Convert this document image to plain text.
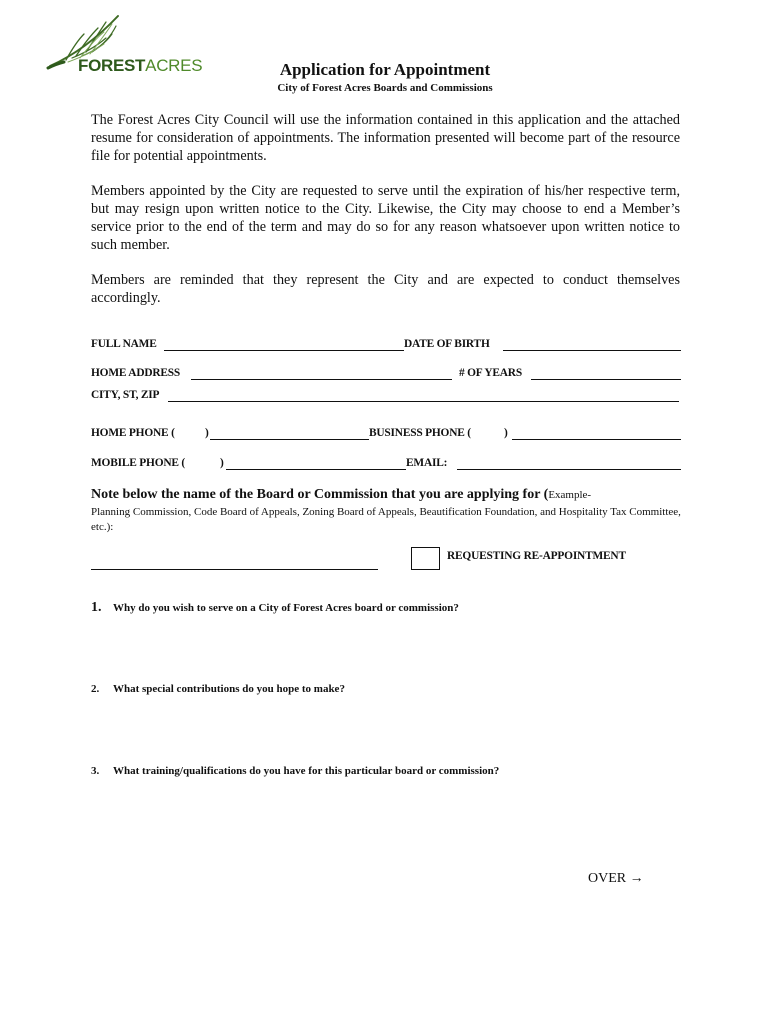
FORESTACRES	Application for Appointment
City of Forest Acres Boards and Commissions
The Forest Acres City Council will use the information contained in this application and the attached resume for consideration of appointments. The information presented will become part of the resource file for potential appointments.
Members appointed by the City are requested to serve until the expiration of his/her respective term, but may resign upon written notice to the City. Likewise, the City may choose to end a Member’s service prior to the end of the term and may do so for any reason whatsoever upon written notice to such member.
Members are reminded that they represent the City and are expected to conduct themselves accordingly.
FULL NAME	DATE OF BIRTH
HOME ADDRESS	# OF YEARS
CITY, ST, ZIP
HOME PHONE (	)	BUSINESS PHONE (	)
MOBILE PHONE (	)	EMAIL:
Note below the name of the Board or Commission that you are applying for (Example-
Planning Commission, Code Board of Appeals, Zoning Board of Appeals, Beautification Foundation, and Hospitality Tax Committee, etc.):
REQUESTING RE-APPOINTMENT
1. Why do you wish to serve on a City of Forest Acres board or commission?
2. What special contributions do you hope to make?
3. What training/qualifications do you have for this particular board or commission?
OVER →
